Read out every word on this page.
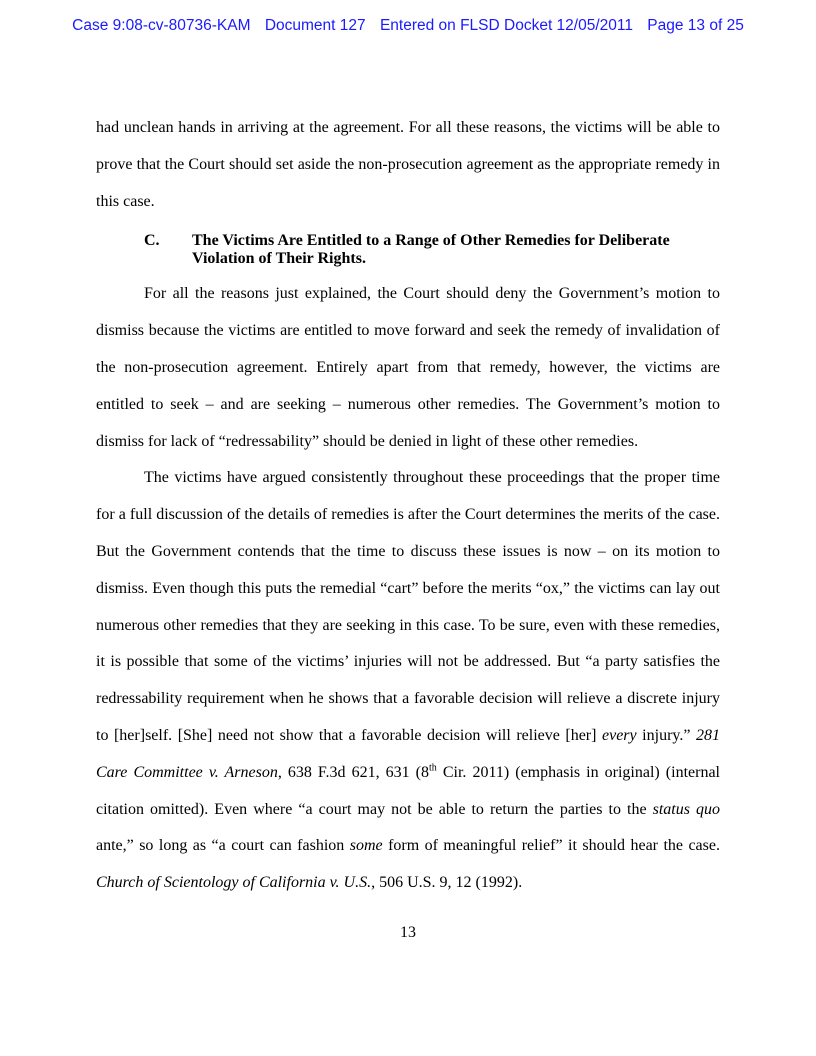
Case 9:08-cv-80736-KAM Document 127 Entered on FLSD Docket 12/05/2011 Page 13 of 25

had unclean hands in arriving at the agreement. For all these reasons, the victims will be able to prove that the Court should set aside the non-prosecution agreement as the appropriate remedy in this case.

C.	The Victims Are Entitled to a Range of Other Remedies for Deliberate
Violation of Their Rights.

For all the reasons just explained, the Court should deny the Government’s motion to dismiss because the victims are entitled to move forward and seek the remedy of invalidation of the non-prosecution agreement. Entirely apart from that remedy, however, the victims are entitled to seek – and are seeking – numerous other remedies. The Government’s motion to dismiss for lack of “redressability” should be denied in light of these other remedies.

The victims have argued consistently throughout these proceedings that the proper time for a full discussion of the details of remedies is after the Court determines the merits of the case. But the Government contends that the time to discuss these issues is now – on its motion to dismiss. Even though this puts the remedial “cart” before the merits “ox,” the victims can lay out numerous other remedies that they are seeking in this case. To be sure, even with these remedies, it is possible that some of the victims’ injuries will not be addressed. But “a party satisfies the redressability requirement when he shows that a favorable decision will relieve a discrete injury to [her]self. [She] need not show that a favorable decision will relieve [her] every injury.” 281 Care Committee v. Arneson, 638 F.3d 621, 631 (8th Cir. 2011) (emphasis in original) (internal citation omitted). Even where “a court may not be able to return the parties to the status quo ante,” so long as “a court can fashion some form of meaningful relief” it should hear the case. Church of Scientology of California v. U.S., 506 U.S. 9, 12 (1992).

13
